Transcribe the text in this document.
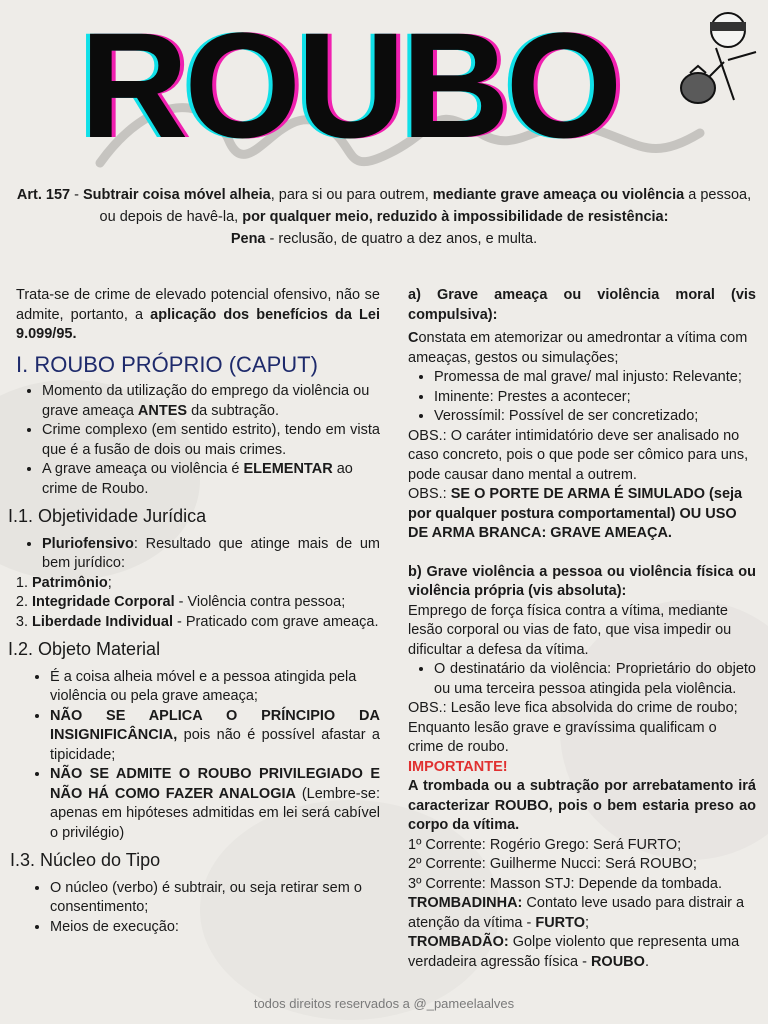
ROUBO
Art. 157 - Subtrair coisa móvel alheia, para si ou para outrem, mediante grave ameaça ou violência a pessoa, ou depois de havê-la, por qualquer meio, reduzido à impossibilidade de resistência:
Pena - reclusão, de quatro a dez anos, e multa.

Trata-se de crime de elevado potencial ofensivo, não se admite, portanto, a aplicação dos benefícios da Lei 9.099/95.

I. ROUBO PRÓPRIO (CAPUT)
• Momento da utilização do emprego da violência ou grave ameaça ANTES da subtração.
• Crime complexo (em sentido estrito), tendo em vista que é a fusão de dois ou mais crimes.
• A grave ameaça ou violência é ELEMENTAR ao crime de Roubo.
I.1. Objetividade Jurídica
• Pluriofensivo: Resultado que atinge mais de um bem jurídico:
1. Patrimônio;
2. Integridade Corporal - Violência contra pessoa;
3. Liberdade Individual - Praticado com grave ameaça.
I.2. Objeto Material
• É a coisa alheia móvel e a pessoa atingida pela violência ou pela grave ameaça;
• NÃO SE APLICA O PRÍNCIPIO DA INSIGNIFICÂNCIA, pois não é possível afastar a tipicidade;
• NÃO SE ADMITE O ROUBO PRIVILEGIADO E NÃO HÁ COMO FAZER ANALOGIA (Lembre-se: apenas em hipóteses admitidas em lei será cabível o privilégio)
I.3. Núcleo do Tipo
• O núcleo (verbo) é subtrair, ou seja retirar sem o consentimento;
• Meios de execução:

a) Grave ameaça ou violência moral (vis compulsiva):

Constata em atemorizar ou amedrontar a vítima com ameaças, gestos ou simulações;

• Promessa de mal grave/ mal injusto: Relevante;
• Iminente: Prestes a acontecer;
• Verossímil: Possível de ser concretizado;

OBS.: O caráter intimidatório deve ser analisado no caso concreto, pois o que pode ser cômico para uns, pode causar dano mental a outrem.

OBS.: SE O PORTE DE ARMA É SIMULADO (seja por qualquer postura comportamental) OU USO DE ARMA BRANCA: GRAVE AMEAÇA.

b) Grave violência a pessoa ou violência física ou violência própria (vis absoluta):

Emprego de força física contra a vítima, mediante lesão corporal ou vias de fato, que visa impedir ou dificultar a defesa da vítima.

• O destinatário da violência: Proprietário do objeto ou uma terceira pessoa atingida pela violência.

OBS.: Lesão leve fica absolvida do crime de roubo; Enquanto lesão grave e gravíssima qualificam o crime de roubo.

IMPORTANTE!

A trombada ou a subtração por arrebatamento irá caracterizar ROUBO, pois o bem estaria preso ao corpo da vítima.

1º Corrente: Rogério Grego: Será FURTO;

2º Corrente: Guilherme Nucci: Será ROUBO;

3º Corrente: Masson STJ: Depende da tombada.

TROMBADINHA: Contato leve usado para distrair a atenção da vítima - FURTO;

TROMBADÃO: Golpe violento que representa uma verdadeira agressão física - ROUBO.

todos direitos reservados a @_pameelaalves
